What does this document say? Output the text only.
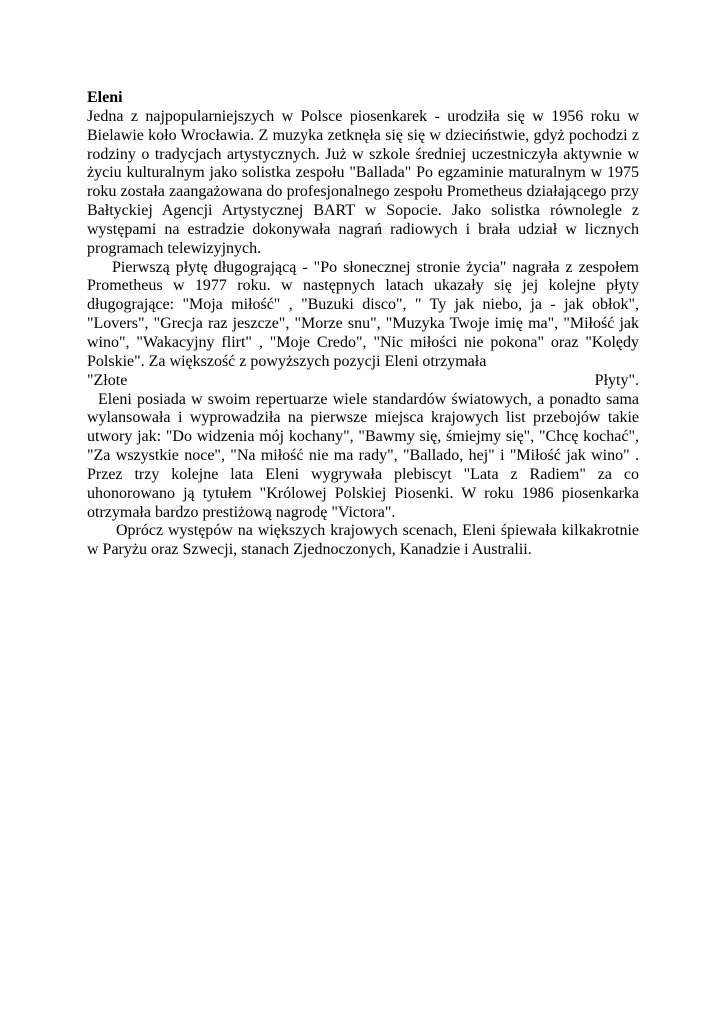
Eleni

Jedna z najpopularniejszych w Polsce piosenkarek - urodziła się w 1956 roku w Bielawie koło Wrocławia. Z muzyka zetknęła się się w dzieciństwie, gdyż pochodzi z rodziny o tradycjach artystycznych. Już w szkole średniej uczestniczyła aktywnie w życiu kulturalnym jako solistka zespołu "Ballada" Po egzaminie maturalnym w 1975 roku została zaangażowana do profesjonalnego zespołu Prometheus działającego przy Bałtyckiej Agencji Artystycznej BART w Sopocie. Jako solistka równolegle z występami na estradzie dokonywała nagrań radiowych i brała udział w licznych programach telewizyjnych.

Pierwszą płytę długogrającą - "Po słonecznej stronie życia" nagrała z zespołem Prometheus w 1977 roku. w następnych latach ukazały się jej kolejne płyty długogrające: "Moja miłość" , "Buzuki disco", " Ty jak niebo, ja - jak obłok", "Lovers", "Grecja raz jeszcze", "Morze snu", "Muzyka Twoje imię ma", "Miłość jak wino", "Wakacyjny flirt" , "Moje Credo", "Nic miłości nie pokona" oraz "Kolędy Polskie". Za większość z powyższych pozycji Eleni otrzymała

"Złote	Płyty".

Eleni posiada w swoim repertuarze wiele standardów światowych, a ponadto sama wylansowała i wyprowadziła na pierwsze miejsca krajowych list przebojów takie utwory jak: "Do widzenia mój kochany", "Bawmy się, śmiejmy się", "Chcę kochać", "Za wszystkie noce", "Na miłość nie ma rady", "Ballado, hej" i "Miłość jak wino" . Przez trzy kolejne lata Eleni wygrywała plebiscyt "Lata z Radiem" za co uhonorowano ją tytułem "Królowej Polskiej Piosenki. W roku 1986 piosenkarka otrzymała bardzo prestiżową nagrodę "Victora".

Oprócz występów na większych krajowych scenach, Eleni śpiewała kilkakrotnie w Paryżu oraz Szwecji, stanach Zjednoczonych, Kanadzie i Australii.
